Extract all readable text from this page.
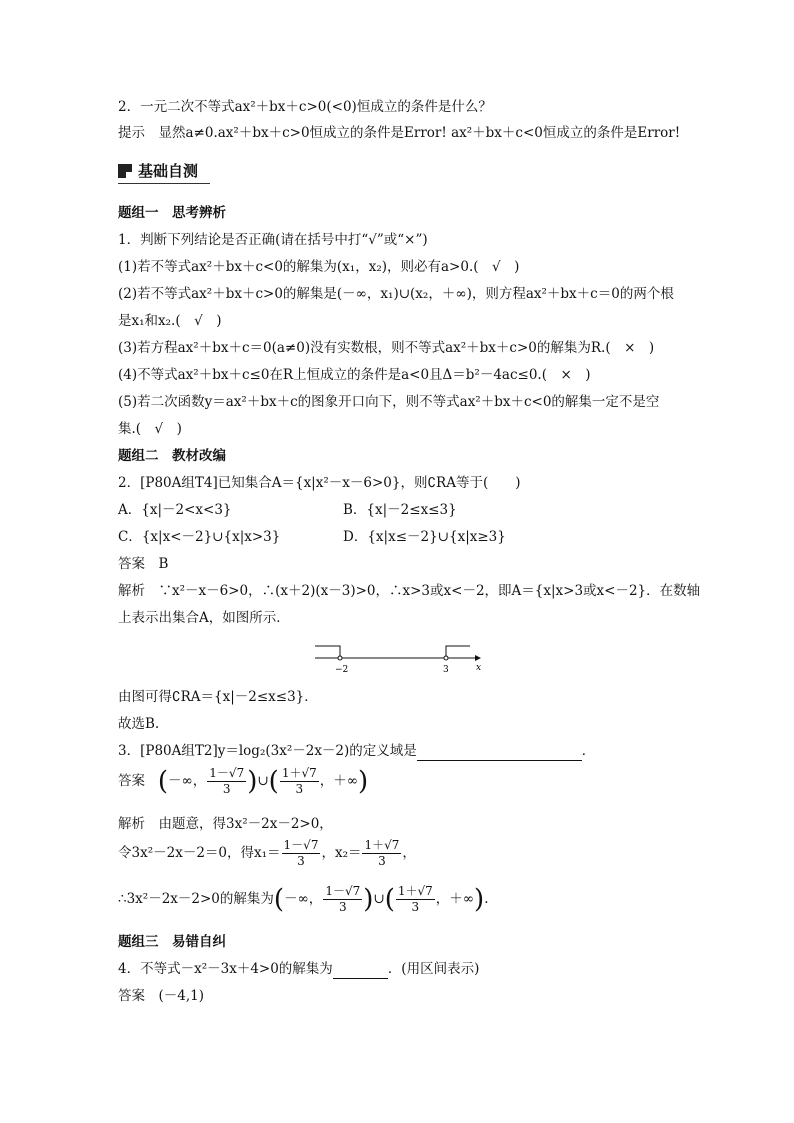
2．一元二次不等式ax²＋bx＋c>0(<0)恒成立的条件是什么？
提示　显然a≠0.ax²＋bx＋c>0恒成立的条件是Error! ax²＋bx＋c<0恒成立的条件是Error!
基础自测
题组一　思考辨析
1．判断下列结论是否正确(请在括号中打“√”或“×”)
(1)若不等式ax²＋bx＋c<0的解集为(x₁，x₂)，则必有a>0.(　√　)
(2)若不等式ax²＋bx＋c>0的解集是(－∞，x₁)∪(x₂，＋∞)，则方程ax²＋bx＋c＝0的两个根
是x₁和x₂.(　√　)
(3)若方程ax²＋bx＋c＝0(a≠0)没有实数根，则不等式ax²＋bx＋c>0的解集为R.(　×　)
(4)不等式ax²＋bx＋c≤0在R上恒成立的条件是a<0且Δ＝b²－4ac≤0.(　×　)
(5)若二次函数y＝ax²＋bx＋c的图象开口向下，则不等式ax²＋bx＋c<0的解集一定不是空
集.(　√　)
题组二　教材改编
2．[P80A组T4]已知集合A＝{x|x²－x－6>0}，则∁RA等于(　　)
A．{x|－2<x<3}	B．{x|－2≤x≤3}
C．{x|x<－2}∪{x|x>3}	D．{x|x≤－2}∪{x|x≥3}
答案　B
解析　∵x²－x－6>0，∴(x＋2)(x－3)>0，∴x>3或x<－2，即A＝{x|x>3或x<－2}．在数轴
上表示出集合A，如图所示．
−2	3	x
由图可得∁RA＝{x|－2≤x≤3}．
故选B.
3．[P80A组T2]y＝log₂(3x²－2x－2)的定义域是	．
答案 (－∞， $\frac{1-√7}{3}$ )∪( $\frac{1+√7}{3}$ ，＋∞)
解析　由题意，得3x²－2x－2>0，
令3x²－2x－2＝0，得$x_1= \frac{1-√7}{3}$ ，$x_2= \frac{1+√7}{3}$ ，
∴3x²－2x－2>0的解集为(－∞， $\frac{1-√7}{3}$ )∪( $\frac{1+√7}{3}$ ，＋∞).
题组三　易错自纠
4．不等式－x²－3x＋4>0的解集为	．(用区间表示)
答案　(－4,1)
